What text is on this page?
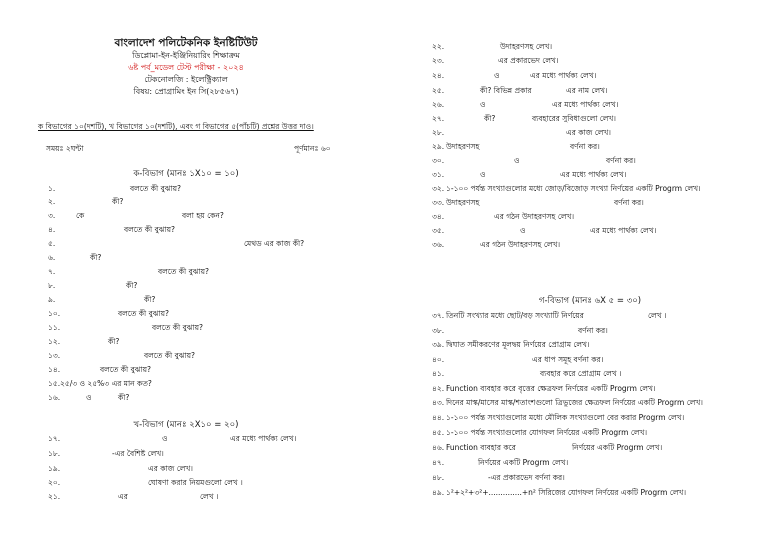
বাংলাদেশ পলিটেকনিক ইনষ্টিটিউট
ডিপ্লোমা-ইন-ইঞ্জিনিয়ারিং শিক্ষাক্রম
৬ষ্ট পর্ব_মডেল টেস্ট পরীক্ষা - ২০২৪
টেকনোলজি : ইলেক্ট্রিক্যাল
বিষয়: প্রোগ্রামিং ইন সি(২৮৫৬৭)
ক বিভাগের ১০(দশটি), খ বিভাগের ১০(দশটি), এবং গ বিভাগের ৫(পাঁচটি) প্রশ্নের উত্তর দাও।
সময়ঃ ২ঘন্টা	পূর্ণমানঃ ৬০
ক-বিভাগ (মানঃ ১X১০ = ১০)
১.	বলতে কী বুঝায়?
২.	কী?
৩.	কে	বলা হয় কেন?
৪.	বলতে কী বুঝায়?
৫.	মেথড এর কাজ কী?
৬.	কী?
৭.	বলতে কী বুঝায়?
৮.	কী?
৯.	কী?
১০.	বলতে কী বুঝায়?
১১.	বলতে কী বুঝায়?
১২.	কী?
১৩.	বলতে কী বুঝায়?
১৪.	বলতে কী বুঝায়?
১৫. ২৫/৩ ও ২৫%৩ এর মান কত?
১৬.	ও	কী?
খ-বিভাগ (মানঃ ২X১০ = ২০)
১৭.	ও	এর মধ্যে পার্থক্য লেখ।
১৮.	-এর বৈশিষ্ট লেখ।
১৯.	এর কাজ লেখ।
২০.	ঘোষণা করার নিয়মগুলো লেখ ।
২১.	এর	লেখ ।
২২.	উদাহরণসহ লেখ।
২৩.	এর প্রকারভেদ লেখ।
২৪.	ও	এর মধ্যে পার্থক্য লেখ।
২৫.	কী? বিভিন্ন প্রকার	এর নাম লেখ।
২৬.	ও	এর মধ্যে পার্থক্য লেখ।
২৭.	কী?	ব্যবহারের সুবিধাগুলো লেখ।
২৮.	এর কাজ লেখ।
২৯. উদাহরণসহ	বর্ণনা কর।
৩০.	ও	বর্ণনা কর।
৩১.	ও	এর মধ্যে পার্থক্য লেখ।
৩২. ১-১০০ পর্যন্ত সংখ্যাগুলোর মধ্যে জোড়/বিজোড় সংখ্যা নির্ণয়ের একটি Progrm লেখ।
৩৩. উদাহরণসহ	বর্ণনা কর।
৩৪.	এর গঠন উদাহরণসহ লেখ।
৩৫.	ও	এর মধ্যে পার্থক্য লেখ।
৩৬.	এর গঠন উদাহরণসহ লেখ।
গ-বিভাগ (মানঃ ৬X ৫ = ৩০)
৩৭. তিনটি সংখ্যার মধ্যে ছোট/বড় সংখ্যাটি নির্ণয়ের	লেখ ।
৩৮.	বর্ণনা কর।
৩৯. দ্বিঘাত সমীকরণের মূলদ্বয় নির্ণয়ের প্রোগ্রাম লেখ।
৪০.	এর ধাপ সমূহ বর্ণনা কর।
৪১.	ব্যবহার করে প্রোগ্রাম লেখ ।
৪২. Function ব্যবহার করে বৃত্তের ক্ষেত্রফল নির্ণয়ের একটি Progrm লেখ।
৪৩. দিনের মাস্ক/মাসের মাস্ক/শতাংশগুলো ত্রিভুজের ক্ষেত্রফল নির্ণয়ের একটি Progrm লেখ।
৪৪. ১-১০০ পর্যন্ত সংখ্যাগুলোর মধ্যে মৌলিক সংখ্যাগুলো বের করার Progrm লেখ।
৪৫. ১-১০০ পর্যন্ত সংখ্যাগুলোর যোগফল নির্ণয়ের একটি Progrm লেখ।
৪৬. Function ব্যবহার করে	নির্ণয়ের একটি Progrm লেখ।
৪৭.	নির্ণয়ের একটি Progrm লেখ।
৪৮.	-এর প্রকারভেদ বর্ণনা কর।
৪৯. ১²+২²+৩²+..............+n² সিরিজের যোগফল নির্ণয়ের একটি Progrm লেখ।
